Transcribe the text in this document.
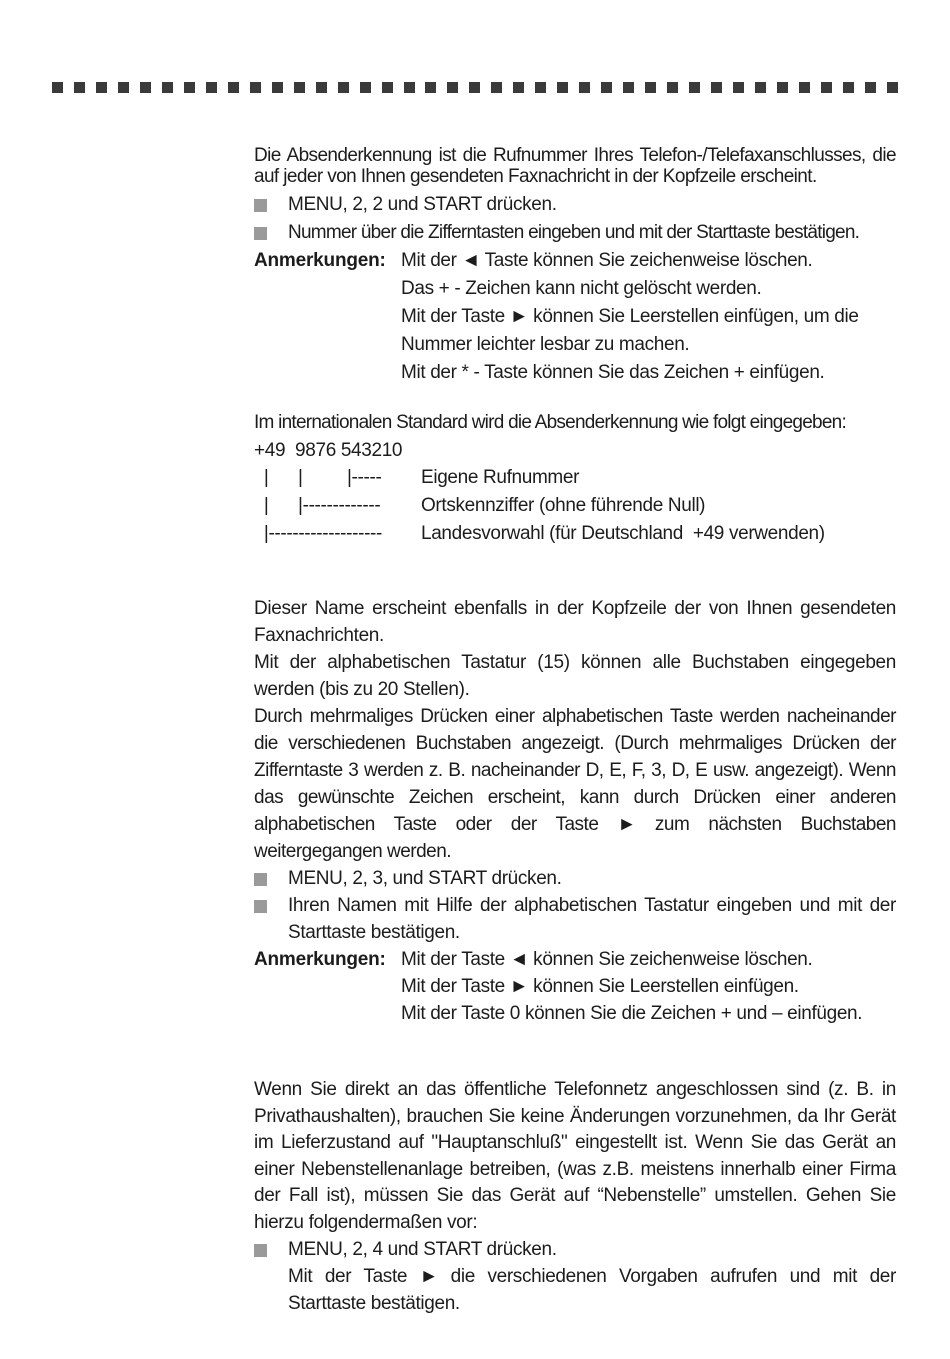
Die Absenderkennung ist die Rufnummer Ihres Telefon-/Telefaxanschlusses, die auf jeder von Ihnen gesendeten Faxnachricht in der Kopfzeile erscheint.

MENU, 2, 2 und START drücken.
Nummer über die Zifferntasten eingeben und mit der Starttaste bestätigen.
Anmerkungen: Mit der ◄ Taste können Sie zeichenweise löschen.
Das + - Zeichen kann nicht gelöscht werden.
Mit der Taste ► können Sie Leerstellen einfügen, um die
Nummer leichter lesbar zu machen.
Mit der * - Taste können Sie das Zeichen + einfügen.

Im internationalen Standard wird die Absenderkennung wie folgt eingegeben:

+49  9876 543210
|      |         |-----	Eigene Rufnummer
|      |-------------	Ortskennziffer (ohne führende Null)
|-------------------	Landesvorwahl (für Deutschland  +49 verwenden)

Dieser Name erscheint ebenfalls in der Kopfzeile der von Ihnen gesendeten Faxnachrichten.

Mit der alphabetischen Tastatur (15) können alle Buchstaben eingegeben werden (bis zu 20 Stellen).

Durch mehrmaliges Drücken einer alphabetischen Taste werden nacheinander die verschiedenen Buchstaben angezeigt. (Durch mehrmaliges Drücken der Zifferntaste 3 werden z. B. nacheinander D, E, F, 3, D, E usw. angezeigt). Wenn das gewünschte Zeichen erscheint, kann durch Drücken einer anderen alphabetischen Taste oder der Taste ► zum nächsten Buchstaben weitergegangen werden.

MENU, 2, 3, und START drücken.
Ihren Namen mit Hilfe der alphabetischen Tastatur eingeben und mit der Starttaste bestätigen.
Anmerkungen: Mit der Taste ◄ können Sie zeichenweise löschen.
Mit der Taste ► können Sie Leerstellen einfügen.
Mit der Taste 0 können Sie die Zeichen + und – einfügen.

Wenn Sie direkt an das öffentliche Telefonnetz angeschlossen sind (z. B. in Privathaushalten), brauchen Sie keine Änderungen vorzunehmen, da Ihr Gerät im Lieferzustand auf "Hauptanschluß" eingestellt ist. Wenn Sie das Gerät an einer Nebenstellenanlage betreiben, (was z.B. meistens innerhalb einer Firma der Fall ist), müssen Sie das Gerät auf “Nebenstelle” umstellen. Gehen Sie hierzu folgendermaßen vor:

MENU, 2, 4 und START drücken.
Mit der Taste ► die verschiedenen Vorgaben aufrufen und mit der Starttaste bestätigen.
